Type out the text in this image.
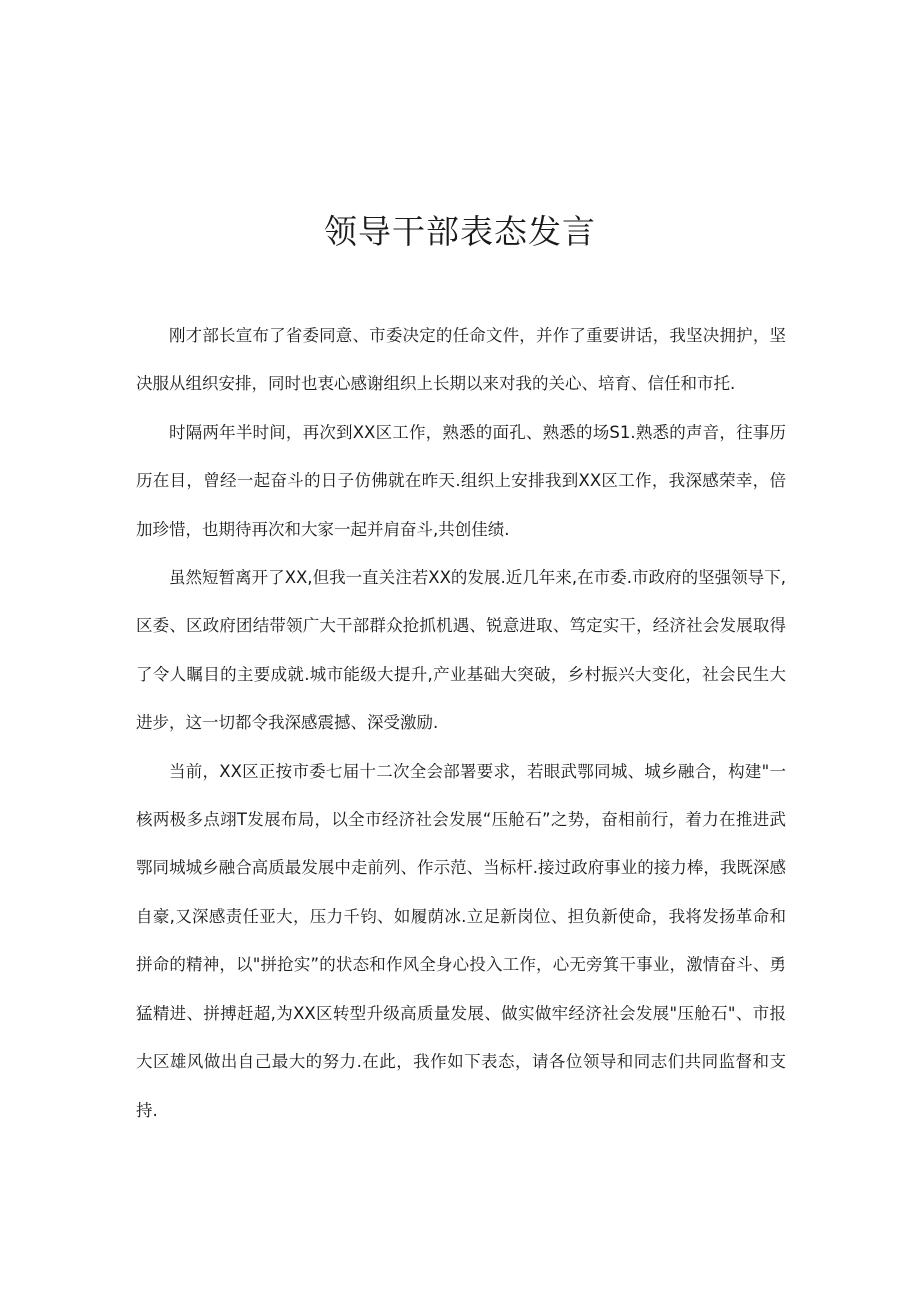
领导干部表态发言

刚才部长宣布了省委同意、市委决定的任命文件，并作了重要讲话，我坚决拥护，坚决服从组织安排，同时也衷心感谢组织上长期以来对我的关心、培育、信任和市托.

时隔两年半时间，再次到XX区工作，熟悉的面孔、熟悉的场S1.熟悉的声音，往事历历在目，曾经一起奋斗的日子仿佛就在昨天.组织上安排我到XX区工作，我深感荣幸，倍加珍惜，也期待再次和大家一起并肩奋斗,共创佳绩.

虽然短暂离开了XX,但我一直关注若XX的发展.近几年来,在市委.市政府的坚强领导下,区委、区政府团结带领广大干部群众抢抓机遇、锐意进取、笃定实干，经济社会发展取得了令人瞩目的主要成就.城市能级大提升,产业基础大突破，乡村振兴大变化，社会民生大进步，这一切都令我深感震撼、深受激励.

当前，XX区正按市委七届十二次全会部署要求，若眼武鄂同城、城乡融合，构建"一核两极多点翊T发展布局，以全市经济社会发展“压舱石”之势，奋相前行，着力在推进武鄂同城城乡融合高质最发展中走前列、作示范、当标杆.接过政府事业的接力棒，我既深感自豪,又深感责任亚大，压力千钧、如履荫冰.立足新岗位、担负新使命，我将发扬革命和拼命的精神，以"拼抢实”的状态和作风全身心投入工作，心无旁箕干事业，激情奋斗、勇猛精进、拼搏赶超,为XX区转型升级高质量发展、做实做牢经济社会发展"压舱石"、市报大区雄风做出自己最大的努力.在此，我作如下表态，请各位领导和同志们共同监督和支持.
